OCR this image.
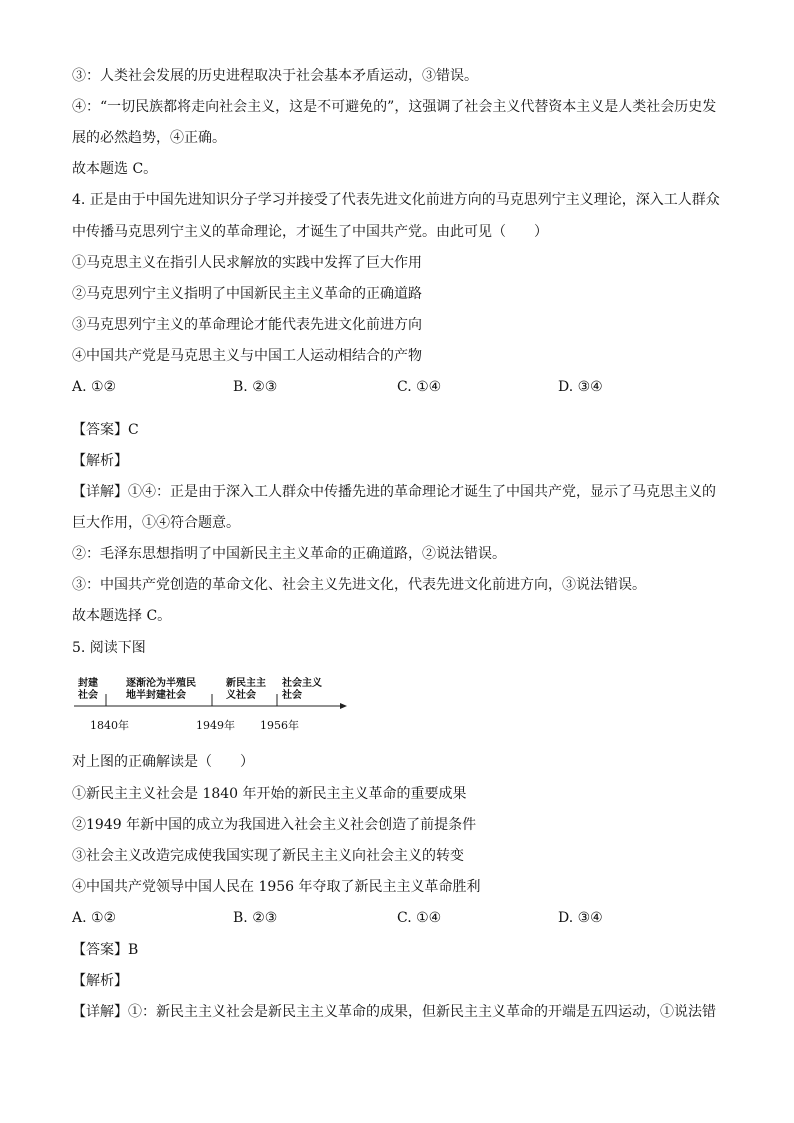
③：人类社会发展的历史进程取决于社会基本矛盾运动，③错误。
④：“一切民族都将走向社会主义，这是不可避免的”，这强调了社会主义代替资本主义是人类社会历史发
展的必然趋势，④正确。
故本题选 C。
4. 正是由于中国先进知识分子学习并接受了代表先进文化前进方向的马克思列宁主义理论，深入工人群众
中传播马克思列宁主义的革命理论，才诞生了中国共产党。由此可见（　　）
①马克思主义在指引人民求解放的实践中发挥了巨大作用
②马克思列宁主义指明了中国新民主主义革命的正确道路
③马克思列宁主义的革命理论才能代表先进文化前进方向
④中国共产党是马克思主义与中国工人运动相结合的产物
A. ①②	B. ②③	C. ①④	D. ③④
【答案】C
【解析】
【详解】①④：正是由于深入工人群众中传播先进的革命理论才诞生了中国共产党，显示了马克思主义的
巨大作用，①④符合题意。
②：毛泽东思想指明了中国新民主主义革命的正确道路，②说法错误。
③：中国共产党创造的革命文化、社会主义先进文化，代表先进文化前进方向，③说法错误。
故本题选择 C。
5. 阅读下图
封建
社会
逐渐沦为半殖民
地半封建社会
新民主主
义社会
社会主义
社会
1840年	1949年 1956年
对上图的正确解读是（　　）
①新民主主义社会是 1840 年开始的新民主主义革命的重要成果
②1949 年新中国的成立为我国进入社会主义社会创造了前提条件
③社会主义改造完成使我国实现了新民主主义向社会主义的转变
④中国共产党领导中国人民在 1956 年夺取了新民主主义革命胜利
A. ①②	B. ②③	C. ①④	D. ③④
【答案】B
【解析】
【详解】①：新民主主义社会是新民主主义革命的成果，但新民主主义革命的开端是五四运动，①说法错
